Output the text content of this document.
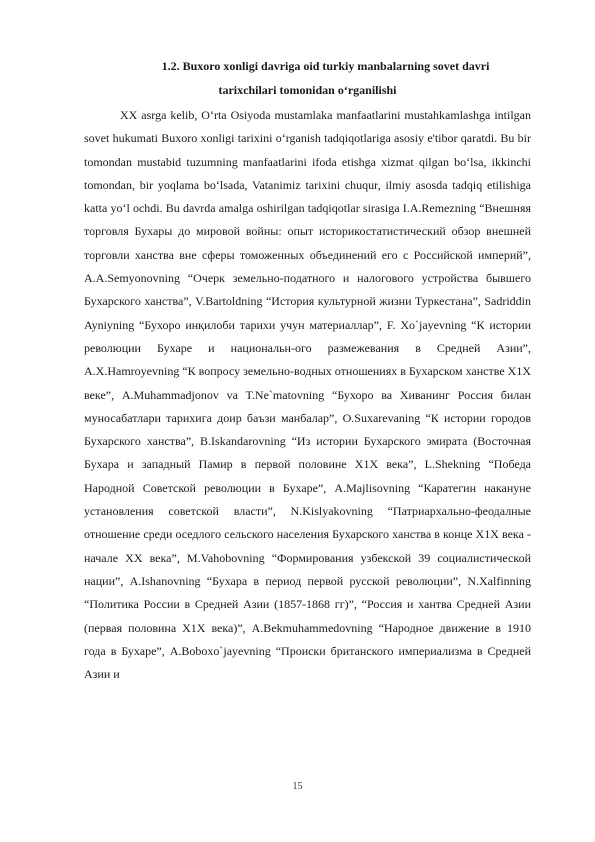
1.2. Buxoro xonligi davriga oid turkiy manbalarning sovet davri
tarixchilari tomonidan o‘rganilishi

XX asrga kelib, O‘rta Osiyoda mustamlaka manfaatlarini mustahkamlashga intilgan sovet hukumati Buxoro xonligi tarixini o‘rganish tadqiqotlariga asosiy e'tibor qaratdi. Bu bir tomondan mustabid tuzumning manfaatlarini ifoda etishga xizmat qilgan bo‘lsa, ikkinchi tomondan, bir yoqlama bo‘lsada, Vatanimiz tarixini chuqur, ilmiy asosda tadqiq etilishiga katta yo‘l ochdi. Bu davrda amalga oshirilgan tadqiqotlar sirasiga I.A.Remezning “Внешняя торговля Бухары до мировой войны: опыт историкостатистический обзор внешней торговли ханства вне сферы томоженных объединений его с Российской империй”, A.A.Semyonovning “Очерк земельно-податного и налогового устройства бывшего Бухарского ханства”, V.Bartoldning “История культурной жизни Туркестана”, Sadriddin Ayniyning “Бухоро инқилоби тарихи учун материаллар”, F. Xo`jayevning “К истории революции Бухаре и национальн-ого размежевания в Средней Азии”, A.X.Hamroyevning “К вопросу земельно-водных отношениях в Бухарском ханстве X1X веке”, A.Muhammadjonov va T.Ne`matovning “Бухоро ва Хиванинг Россия билан муносабатлари тарихига доир баъзи манбалар”, O.Suxarevaning “К истории городов Бухарского ханства”, B.Iskandarovning “Из истории Бухарского эмирата (Восточная Бухара и западный Памир в первой половине X1X века”, L.Shekning “Победа Народной Советской революции в Бухаре”, A.Majlisovning “Каратегин накануне установления советской власти”, N.Kislyakovning “Патриархально-феодалные отношение среди оседлого сельского населения Бухарского ханства в конце X1X века - начале XX века”, M.Vahobovning “Формирования узбекской 39 социалистической нации”, A.Ishanovning “Бухара в период первой русской революции”, N.Xalfinning “Политика России в Средней Азии (1857-1868 гг)”, “Россия и хантва Средней Азии (первая половина X1X века)”, A.Bekmuhammedovning “Народное движение в 1910 года в Бухаре”, A.Boboxo`jayevning “Происки британского империализма в Средней Азии и

15
